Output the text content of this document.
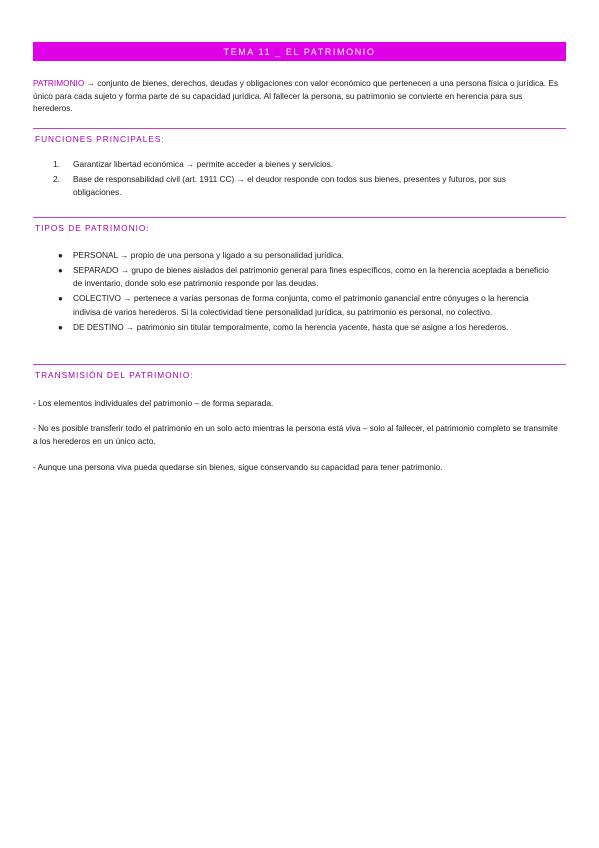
TEMA 11 _ EL PATRIMONIO

PATRIMONIO → conjunto de bienes, derechos, deudas y obligaciones con valor económico que pertenecen a una persona física o jurídica. Es único para cada sujeto y forma parte de su capacidad jurídica. Al fallecer la persona, su patrimonio se convierte en herencia para sus herederos.

FUNCIONES PRINCIPALES:
1. Garantizar libertad económica → permite acceder a bienes y servicios.
2. Base de responsabilidad civil (art. 1911 CC) → el deudor responde con todos sus bienes, presentes y futuros, por sus obligaciones.
TIPOS DE PATRIMONIO:
● PERSONAL → propio de una persona y ligado a su personalidad jurídica.
● SEPARADO → grupo de bienes aislados del patrimonio general para fines específicos, como en la herencia aceptada a beneficio de inventario, donde solo ese patrimonio responde por las deudas.
● COLECTIVO → pertenece a varias personas de forma conjunta, como el patrimonio ganancial entre cónyuges o la herencia indivisa de varios herederos. Si la colectividad tiene personalidad jurídica, su patrimonio es personal, no colectivo.
● DE DESTINO → patrimonio sin titular temporalmente, como la herencia yacente, hasta que se asigne a los herederos.
TRANSMISIÓN DEL PATRIMONIO:

- Los elementos individuales del patrimonio – de forma separada.

- No es posible transferir todo el patrimonio en un solo acto mientras la persona está viva – solo al fallecer, el patrimonio completo se transmite a los herederos en un único acto.

- Aunque una persona viva pueda quedarse sin bienes, sigue conservando su capacidad para tener patrimonio.
